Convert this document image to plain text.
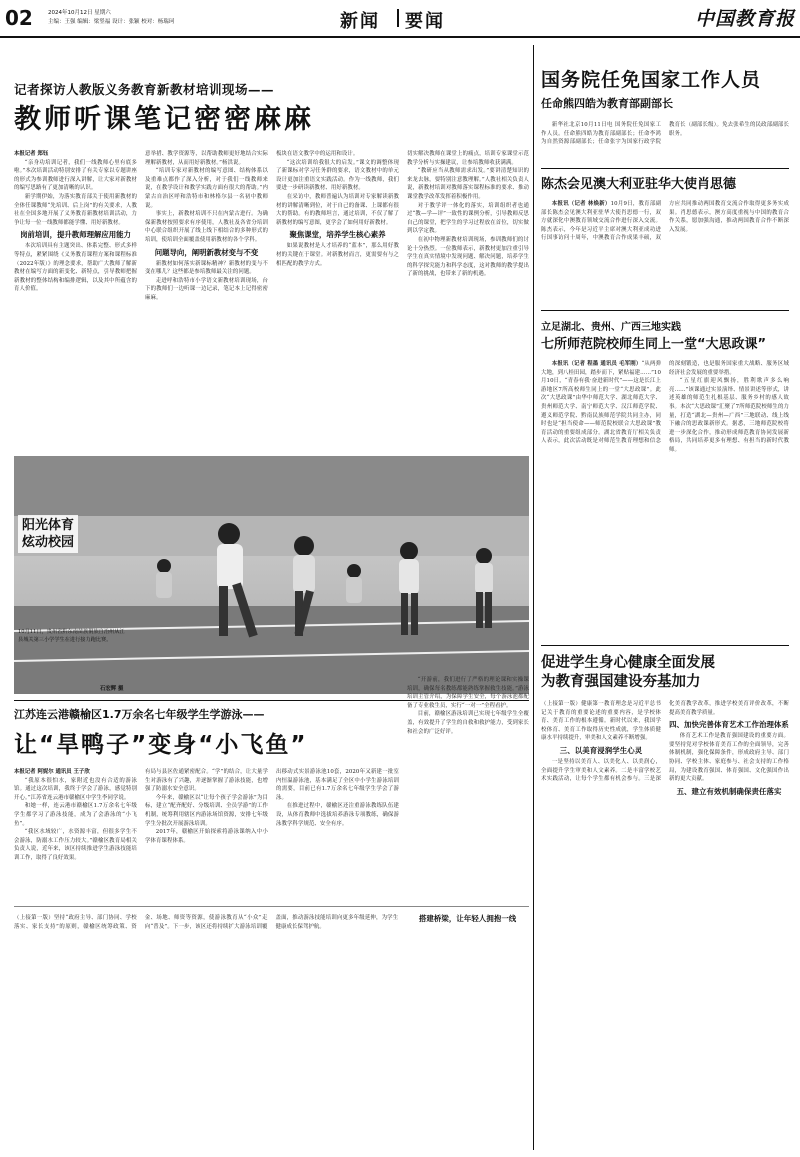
02	2024年10月12日 星期六
主编：王强 编辑：梁竖福 设计：张颖 校对：杨瑞珂	新闻 要闻	中国教育报
记者探访人教版义务教育新教材培训现场——
教师听课笔记密密麻麻
本报记者 郑钰

“亲身功培训记者，我们一线教师心里有底多啦。”本次培训活动特别安排了有关专家以专题讲座的形式为参训教师进行深入讲解，让大家对新教材的编写思路有了更加清晰的认识。

新学期伊始，为落实教育部关于使用新教材的全体任课教师“先培训、后上岗”的有关要求，人教社在全国多地开展了义务教育新教材培训活动，力争让每一位一线教师都能学懂、用好新教材。

岗前培训，提升教师理解应用能力

本次培训具有主题突出、体系完整、形式多样等特点，紧紧围绕《义务教育课程方案和课程标准（2022年版）》的理念要求，帮助广大教师了解新教材在编写方面的新变化、新特点，引导教师把握新教材的整体结构和编排逻辑，以及其中所蕴含的育人价值。

意举措、教学资源等，以帮助教师更好地结合实际理解新教材，从而用好新教材。”杨洪说。

“培训专家对新教材的编写意图、结构体系以及重难点都作了深入分析，对于我们一线教师来说，在教学设计和教学实践方面有很大的帮助。”内蒙古自治区呼和浩特市和林格尔县一名初中教师说。

事实上，新教材培训不只在内蒙古进行。为确保新教材按照要求有序使用，人教社及各省分培训中心联合组织开展了线上线下相结合的多种形式的培训，使培训全面覆盖使用新教材的各个学科。

问题导向，阐明新教材变与不变

新教材如何落实新课标精神？新教材的变与不变在哪儿？这些都是参培教师最关注的问题。

走进呼和浩特市小学语文新教材培训现场，台下的教师们一边听课一边记录，笔记本上记得密密麻麻。

板块在语文教学中的运用和设计。

“这次培训给我很大的启发。”课文的调整体现了新课标对学习任务群的要求，语文教材中的单元设计更加注重语文实践活动。作为一线教师，我们要进一步研读新教材、用好新教材。

在采访中，教师普遍认为培训对专家解读新教材的讲解清晰到位，对于自己的备课、上课都有很大的帮助。有的教师坦言，通过培训，不仅了解了新教材的编写意图，更学会了如何用好新教材。

聚焦课堂，培养学生核心素养

如果说教材是人才培养的“蓝本”，那么用好教材的关键在于课堂。对新教材而言，更需要有与之相匹配的教学方式。

切实解决教师在课堂上的痛点，培训专家课堂示范教学分析与实操建议，让参培教师收获满满。

“教研应当从教师需求出发。”要讲清楚知识的来龙去脉，要特别注意教理解。”人教社相关负责人说，新教材培训对教师落实课程标准的要求、推动课堂教学改革发挥着积极作用。

对于教学评一体化的落实，培训组织者也通过“教—学—评”一致性的课例分析，引导教师反思自己的课堂，把学生的学习过程放在首位，切实做到以学定教。

在初中物理新教材培训现场，参训教师们的讨论十分热烈。一位教师表示，新教材更加注重引导学生在真实情境中发现问题、解决问题，培养学生的科学探究能力和科学态度，这对教师的教学提出了新的挑战，也带来了新的机遇。

阳光体育
炫动校园
10月11日，贵州省黔东南苗族侗族自治州从江县城关第三小学学生在进行接力跑比赛。
石宏辉 摄
江苏连云港赣榆区1.7万余名七年级学生学游泳——
让“旱鸭子”变身“小飞鱼”
本报记者 阿妮尔 通讯员 王子欣

“我原本很怕水，家附近也没有合适的游泳馆。通过这次培训，我终于学会了游泳，感觉特别开心。”江苏省连云港市赣榆区中学生李同学说。

和她一样，连云港市赣榆区1.7万余名七年级学生都学习了游泳技能，成为了会游泳的“小飞鱼”。

“我区水域较广，水资源丰富，但很多学生不会游泳，防溺水工作压力较大。”赣榆区教育局相关负责人说，近年来，该区持续推进学生游泳技能培训工作，取得了良好效果。

有局与县区佐通紧密配合。“学”的结合，让大量学生对游泳有了兴趣，并逐渐掌握了游泳技能，也增强了防溺水安全意识。

今年来，赣榆区以“让每个孩子学会游泳”为目标，建立“配齐配好、分级培训、全员学游”的工作机制，统筹利用辖区内游泳场馆资源，安排七年级学生分批次开展游泳培训。

2017年，赣榆区开始探索将游泳课纳入中小学体育课程体系。

出移动式实景游泳池10套，2020年又新建一批室内恒温游泳池，基本满足了全区中小学生游泳培训的需要，目前已有1.7万余名七年级学生学会了游泳。

在推进过程中，赣榆区还注重游泳教练队伍建设，从体育教师中选拔培养游泳专项教练，确保游泳教学科学规范、安全有序。

“开游前，我们进行了严格的理论课和实操课培训，确保每名教练都能熟练掌握救生技能。”游泳培训主管介绍，为保障学生安全，每个游泳池都配备了专业救生员，实行“一对一”全程看护。

目前，赣榆区游泳培训已实现七年级学生全覆盖，有效提升了学生的自救和救护能力，受到家长和社会的广泛好评。

（上接第一版）坚持“政府主导、部门协同、学校落实、家长支持”的原则，赣榆区统筹政策、资金、场地、师资等资源，使游泳教育从“小众”走向“普及”。下一步，该区还将持续扩大游泳培训覆盖面，推动游泳技能培训向更多年级延伸，为学生健康成长保驾护航。

搭建桥梁，让年轻人拥抱一线
国务院任免国家工作人员
任命熊四皓为教育部副部长

新华社北京10月11日电 国务院任免国家工作人员。任命熊四皓为教育部副部长；任命李鸿为自然资源部副部长；任命张宇为国家行政学院教育长（副部长级）。免去张希生的民政部副部长职务。

陈杰会见澳大利亚驻华大使肖思德

本报讯（记者 林焕新）10月9日，教育部副部长陈杰会见澳大利亚驻华大使肖思德一行，双方就深化中澳教育领域交流合作进行深入交流。陈杰表示，今年是习近平主席对澳大利亚成功进行国事访问十周年，中澳教育合作成果丰硕，双方应共同推动两国教育交流合作取得更多务实成果。肖思德表示，澳方高度重视与中国的教育合作关系，愿加强沟通，推动两国教育合作不断深入发展。

立足湖北、贵州、广西三地实践
七所师范院校师生同上一堂“大思政课”

本报讯（记者 程墨 通讯员 毛军刚）“从两弹大地，到八桂田园，踏步而下，紧贴福建……”10月10日，“青春有我·奋进新时代”——这是长江上游地区7所高校师生同上的一堂“大思政课”。此次“大思政课”由华中师范大学、湖北师范大学、贵州师范大学、南宁师范大学、汉江师范学院、遵义师范学院、黔南民族师范学院共同主办，同时也是“担当使命——师范院校联合大思政课”教育活动的重要组成部分。湖北省教育厅相关负责人表示，此次活动既是对师范生教育理想和信念的深刻锻造，也是服务国家重大战略、服务区域经济社会发展的重要举措。

“五星红旗迎风飘扬，胜利歌声多么响亮……”该课通过实景演绎、情景讲述等形式，讲述英雄的师范生扎根基层、服务乡村的感人故事。本次“大思政课”汇聚了7所师范院校师生的力量，打造“湖北—贵州—广西”三地联动、线上线下融合的思政课新形式。据悉，三地师范院校将进一步深化合作，推动形成师范教育协同发展新格局，共同培养更多有理想、有担当的新时代教师。

促进学生身心健康全面发展
为教育强国建设夯基加力

（上接第一版）健康第一教育理念是习近平总书记关于教育的重要论述的重要内容，是学校体育、美育工作的根本遵循。新时代以来，我国学校体育、美育工作取得历史性成就，学生体质健康水平持续提升，审美和人文素养不断增强。

三、以美育浸润学生心灵

一是坚持以美育人、以美化人、以美润心，全面提升学生审美和人文素养。二是丰富学校艺术实践活动，让每个学生都有机会参与。三是深化美育教学改革，推进学校美育评价改革，不断提高美育教学质量。

四、加快完善体育艺术工作治理体系

体育艺术工作是教育强国建设的重要方面。要坚持党对学校体育美育工作的全面领导，完善体制机制，强化保障条件，形成政府主导、部门协同、学校主体、家庭参与、社会支持的工作格局，为建设教育强国、体育强国、文化强国作出新的更大贡献。

五、建立有效机制确保责任落实
